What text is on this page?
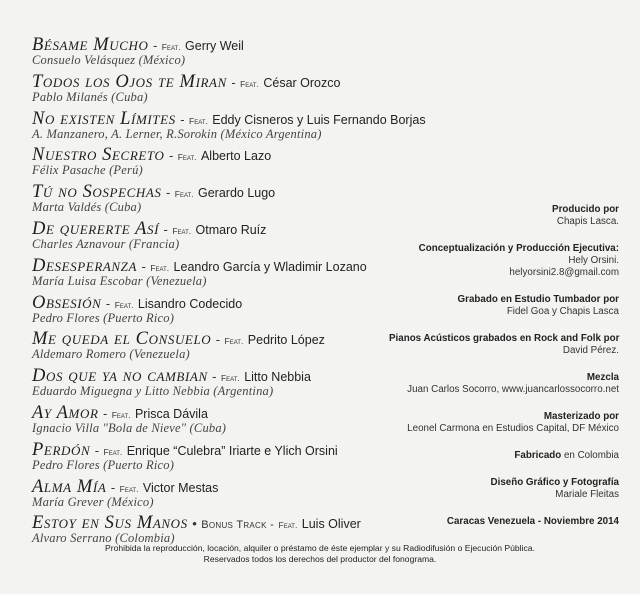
Bésame Mucho - Feat. Gerry Weil
Consuelo Velásquez (México)
Todos los Ojos te Miran - Feat. César Orozco
Pablo Milanés (Cuba)
No existen Límites - Feat. Eddy Cisneros y Luis Fernando Borjas
A. Manzanero, A. Lerner, R.Sorokin (México Argentina)
Nuestro Secreto - Feat. Alberto Lazo
Félix Pasache (Perú)
Tú no Sospechas - Feat. Gerardo Lugo
Marta Valdés (Cuba)
De quererte Así - Feat. Otmaro Ruíz
Charles Aznavour (Francia)
Desesperanza - Feat. Leandro García y Wladimir Lozano
María Luisa Escobar (Venezuela)
Obsesión - Feat. Lisandro Codecido
Pedro Flores (Puerto Rico)
Me queda el Consuelo - Feat. Pedrito López
Aldemaro Romero (Venezuela)
Dos que ya no cambian - Feat. Litto Nebbia
Eduardo Miguegna y Litto Nebbia (Argentina)
Ay Amor - Feat. Prisca Dávila
Ignacio Villa "Bola de Nieve" (Cuba)
Perdón - Feat. Enrique “Culebra” Iriarte e Ylich Orsini
Pedro Flores (Puerto Rico)
Alma Mía - Feat. Victor Mestas
María Grever (México)
Estoy en Sus Manos • Bonus Track - Feat. Luis Oliver
Alvaro Serrano (Colombia)
Producido por
Chapis Lasca.
Conceptualización y Producción Ejecutiva:
Hely Orsini.
helyorsini2.8@gmail.com
Grabado en Estudio Tumbador por
Fidel Goa y Chapis Lasca
Pianos Acústicos grabados en Rock and Folk por
David Pérez.
Mezcla
Juan Carlos Socorro, www.juancarlossocorro.net
Masterizado por
Leonel Carmona en Estudios Capital, DF México
Fabricado en Colombia
Diseño Gráfico y Fotografía
Mariale Fleitas
Caracas Venezuela - Noviembre 2014
Prohibida la reproducción, locación, alquiler o préstamo de éste ejemplar y su Radiodifusión o Ejecución Pública.
Reservados todos los derechos del productor del fonograma.
